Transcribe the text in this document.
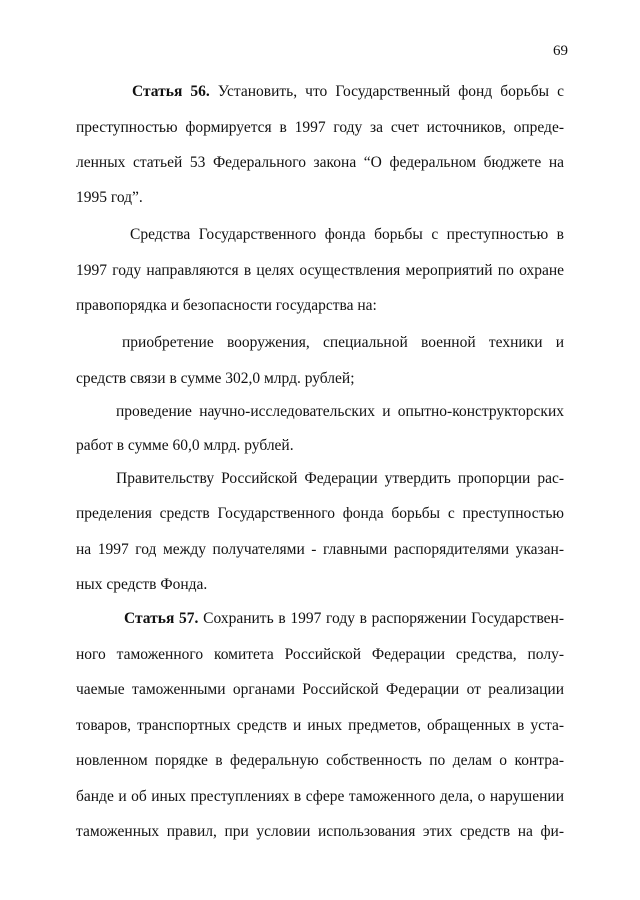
69
Статья 56. Установить, что Государственный фонд борьбы с
преступностью формируется в 1997 году за счет источников, опреде-
ленных статьей 53 Федерального закона “О федеральном бюджете на
1995 год”.
Средства Государственного фонда борьбы с преступностью в
1997 году направляются в целях осуществления мероприятий по охране
правопорядка и безопасности государства на:
приобретение вооружения, специальной военной техники и
средств связи в сумме 302,0 млрд. рублей;
проведение научно-исследовательских и опытно-конструкторских
работ в сумме 60,0 млрд. рублей.
Правительству Российской Федерации утвердить пропорции рас-
пределения средств Государственного фонда борьбы с преступностью
на 1997 год между получателями - главными распорядителями указан-
ных средств Фонда.
Статья 57. Сохранить в 1997 году в распоряжении Государствен-
ного таможенного комитета Российской Федерации средства, полу-
чаемые таможенными органами Российской Федерации от реализации
товаров, транспортных средств и иных предметов, обращенных в уста-
новленном порядке в федеральную собственность по делам о контра-
банде и об иных преступлениях в сфере таможенного дела, о нарушении
таможенных правил, при условии использования этих средств на фи-
